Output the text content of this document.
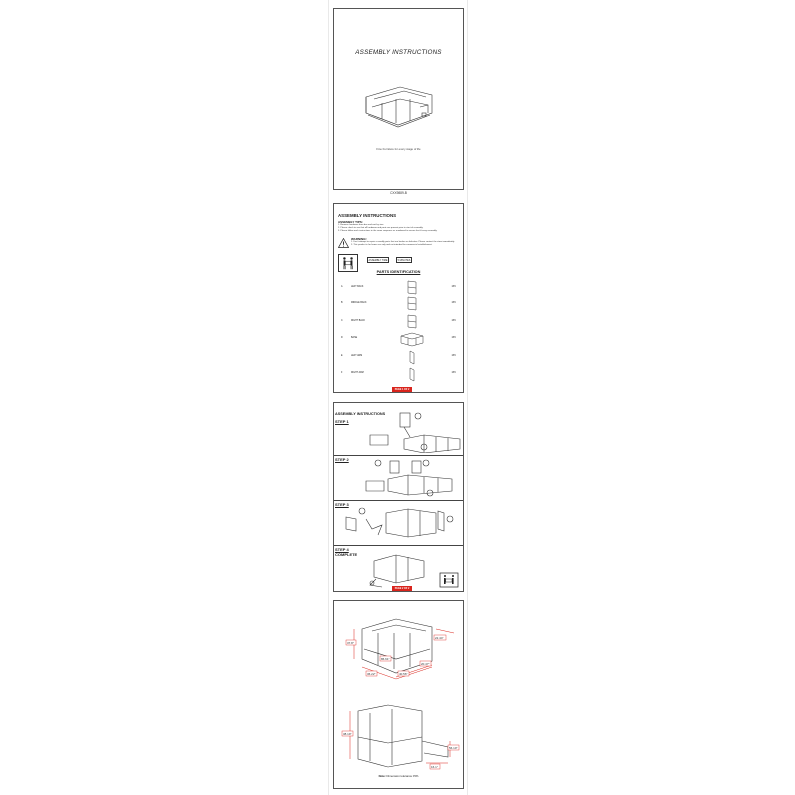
ASSEMBLY INSTRUCTIONS
Fine Furniture for every stage of life
CXX9889-B
ASSEMBLY INSTRUCTIONS
ASSEMBLY TIPS:
1. Remove hardware from box and sort by size.
2. Please check to see that all hardware and parts are present prior to start of assembly.
3. Please follow each instructions in the same sequence as numbered to ensure fast & easy assembly.
WARNING!
1. Don't attempt to repair or modify parts that are broken or defective. Please contact the store immediately.
2. This product is for home use only and not intended for commercial establishment.
ASSEMBLY TIME	5 MINUTES
PARTS IDENTIFICATION
A	LEFT BACK	1PC
B	MIDDLE BACK	1PC
C	RIGHT BACK	1PC
D	BASE	1PC
E	LEFT ARM	1PC
F	RIGHT ARM	1PC
PAGE 1 OF 2
ASSEMBLY INSTRUCTIONS
STEP 1
STEP 2
STEP 3
STEP 4
COMPLETE
PAGE 2 OF 2
37.8"
22.44"
86.61"
20.47"
36.22"	40.56"
38.19"
56.10"
16.1"
Note: Dimension tolerance ±5%
